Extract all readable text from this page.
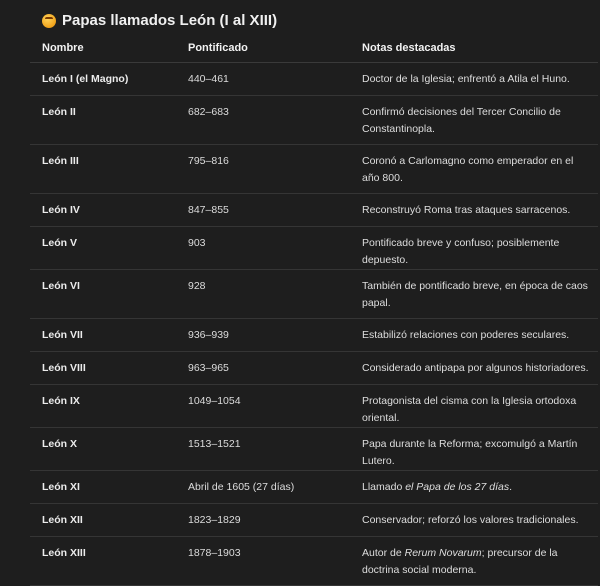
Papas llamados León (I al XIII)
Nombre	Pontificado	Notas destacadas
León I (el Magno)	440–461	Doctor de la Iglesia; enfrentó a Atila el Huno.
León II	682–683	Confirmó decisiones del Tercer Concilio de Constantinopla.
León III	795–816	Coronó a Carlomagno como emperador en el año 800.
León IV	847–855	Reconstruyó Roma tras ataques sarracenos.
León V	903	Pontificado breve y confuso; posiblemente depuesto.
León VI	928	También de pontificado breve, en época de caos papal.
León VII	936–939	Estabilizó relaciones con poderes seculares.
León VIII	963–965	Considerado antipapa por algunos historiadores.
León IX	1049–1054	Protagonista del cisma con la Iglesia ortodoxa oriental.
León X	1513–1521	Papa durante la Reforma; excomulgó a Martín Lutero.
León XI	Abril de 1605 (27 días)	Llamado el Papa de los 27 días.
León XII	1823–1829	Conservador; reforzó los valores tradicionales.
León XIII	1878–1903	Autor de Rerum Novarum; precursor de la doctrina social moderna.
